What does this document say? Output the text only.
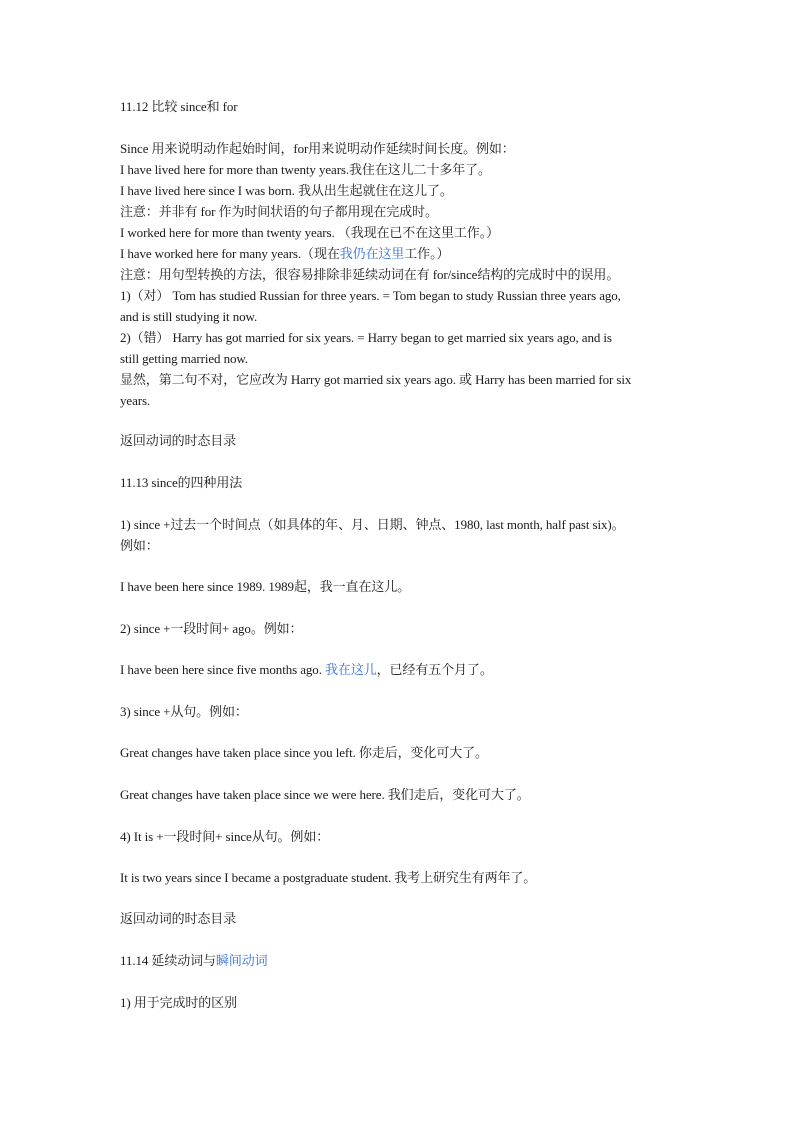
11.12 比较 since和 for
Since 用来说明动作起始时间，for用来说明动作延续时间长度。例如：
I have lived here for more than twenty years.我住在这儿二十多年了。
I have lived here since I was born. 我从出生起就住在这儿了。
注意：并非有 for 作为时间状语的句子都用现在完成时。
I worked here for more than twenty years. （我现在已不在这里工作。）
I have worked here for many years.（现在我仍在这里工作。）
注意：用句型转换的方法，很容易排除非延续动词在有 for/since结构的完成时中的误用。
1)（对） Tom has studied Russian for three years. = Tom began to study Russian three years ago,
and is still studying it now.
2)（错） Harry has got married for six years. = Harry began to get married six years ago, and is
still getting married now.
显然，第二句不对，它应改为 Harry got married six years ago. 或 Harry has been married for six
years.
返回动词的时态目录
11.13 since的四种用法
1) since +过去一个时间点（如具体的年、月、日期、钟点、1980, last month, half past six)。
例如：
I have been here since 1989. 1989起，我一直在这儿。
2) since +一段时间+ ago。例如：
I have been here since five months ago. 我在这儿，已经有五个月了。
3) since +从句。例如：
Great changes have taken place since you left. 你走后，变化可大了。
Great changes have taken place since we were here. 我们走后，变化可大了。
4) It is +一段时间+ since从句。例如：
It is two years since I became a postgraduate student. 我考上研究生有两年了。
返回动词的时态目录
11.14 延续动词与瞬间动词
1) 用于完成时的区别
